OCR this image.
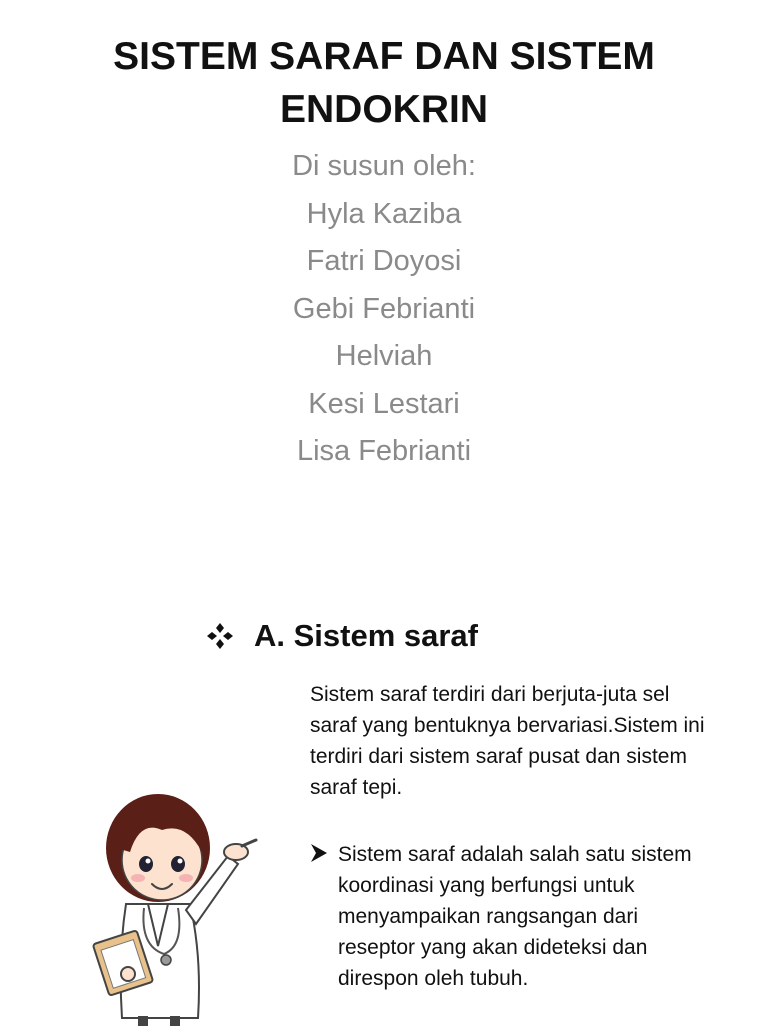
SISTEM SARAF DAN SISTEM
ENDOKRIN
Di susun oleh:
Hyla Kaziba
Fatri Doyosi
Gebi Febrianti
Helviah
Kesi Lestari
Lisa Febrianti
A. Sistem saraf

Sistem saraf terdiri dari berjuta-juta sel saraf yang bentuknya bervariasi.Sistem ini terdiri dari sistem saraf pusat dan sistem saraf tepi.

Sistem saraf adalah salah satu sistem koordinasi yang berfungsi untuk menyampaikan rangsangan dari reseptor yang akan dideteksi dan direspon oleh tubuh.
